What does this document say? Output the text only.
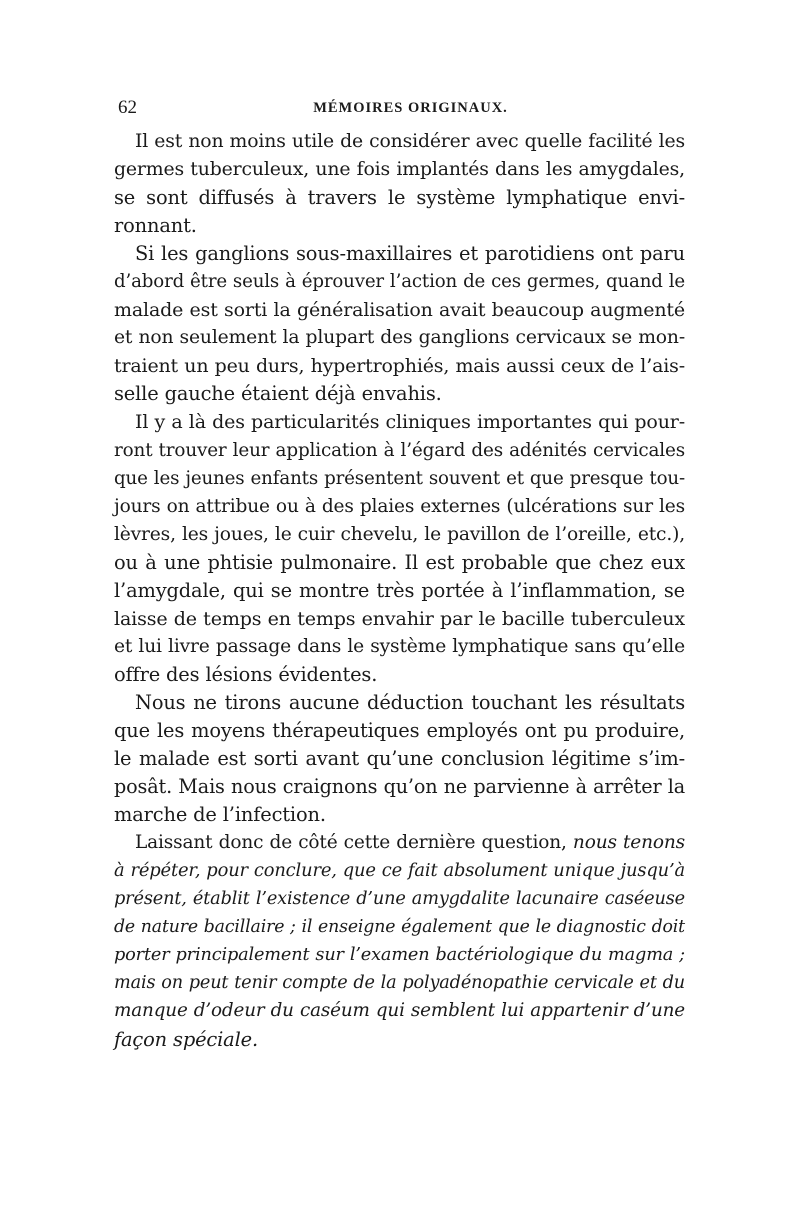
62	MÉMOIRES ORIGINAUX.

Il est non moins utile de considérer avec quelle facilité les
germes tuberculeux, une fois implantés dans les amygdales,
se sont diffusés à travers le système lymphatique envi-
ronnant.

Si les ganglions sous-maxillaires et parotidiens ont paru
d’abord être seuls à éprouver l’action de ces germes, quand le
malade est sorti la généralisation avait beaucoup augmenté
et non seulement la plupart des ganglions cervicaux se mon-
traient un peu durs, hypertrophiés, mais aussi ceux de l’ais-
selle gauche étaient déjà envahis.

Il y a là des particularités cliniques importantes qui pour-
ront trouver leur application à l’égard des adénités cervicales
que les jeunes enfants présentent souvent et que presque tou-
jours on attribue ou à des plaies externes (ulcérations sur les
lèvres, les joues, le cuir chevelu, le pavillon de l’oreille, etc.),
ou à une phtisie pulmonaire. Il est probable que chez eux
l’amygdale, qui se montre très portée à l’inflammation, se
laisse de temps en temps envahir par le bacille tuberculeux
et lui livre passage dans le système lymphatique sans qu’elle
offre des lésions évidentes.

Nous ne tirons aucune déduction touchant les résultats
que les moyens thérapeutiques employés ont pu produire,
le malade est sorti avant qu’une conclusion légitime s’im-
posât. Mais nous craignons qu’on ne parvienne à arrêter la
marche de l’infection.

Laissant donc de côté cette dernière question, nous tenons
à répéter, pour conclure, que ce fait absolument unique jusqu’à
présent, établit l’existence d’une amygdalite lacunaire caséeuse
de nature bacillaire ; il enseigne également que le diagnostic doit
porter principalement sur l’examen bactériologique du magma ;
mais on peut tenir compte de la polyadénopathie cervicale et du
manque d’odeur du caséum qui semblent lui appartenir d’une
façon spéciale.
